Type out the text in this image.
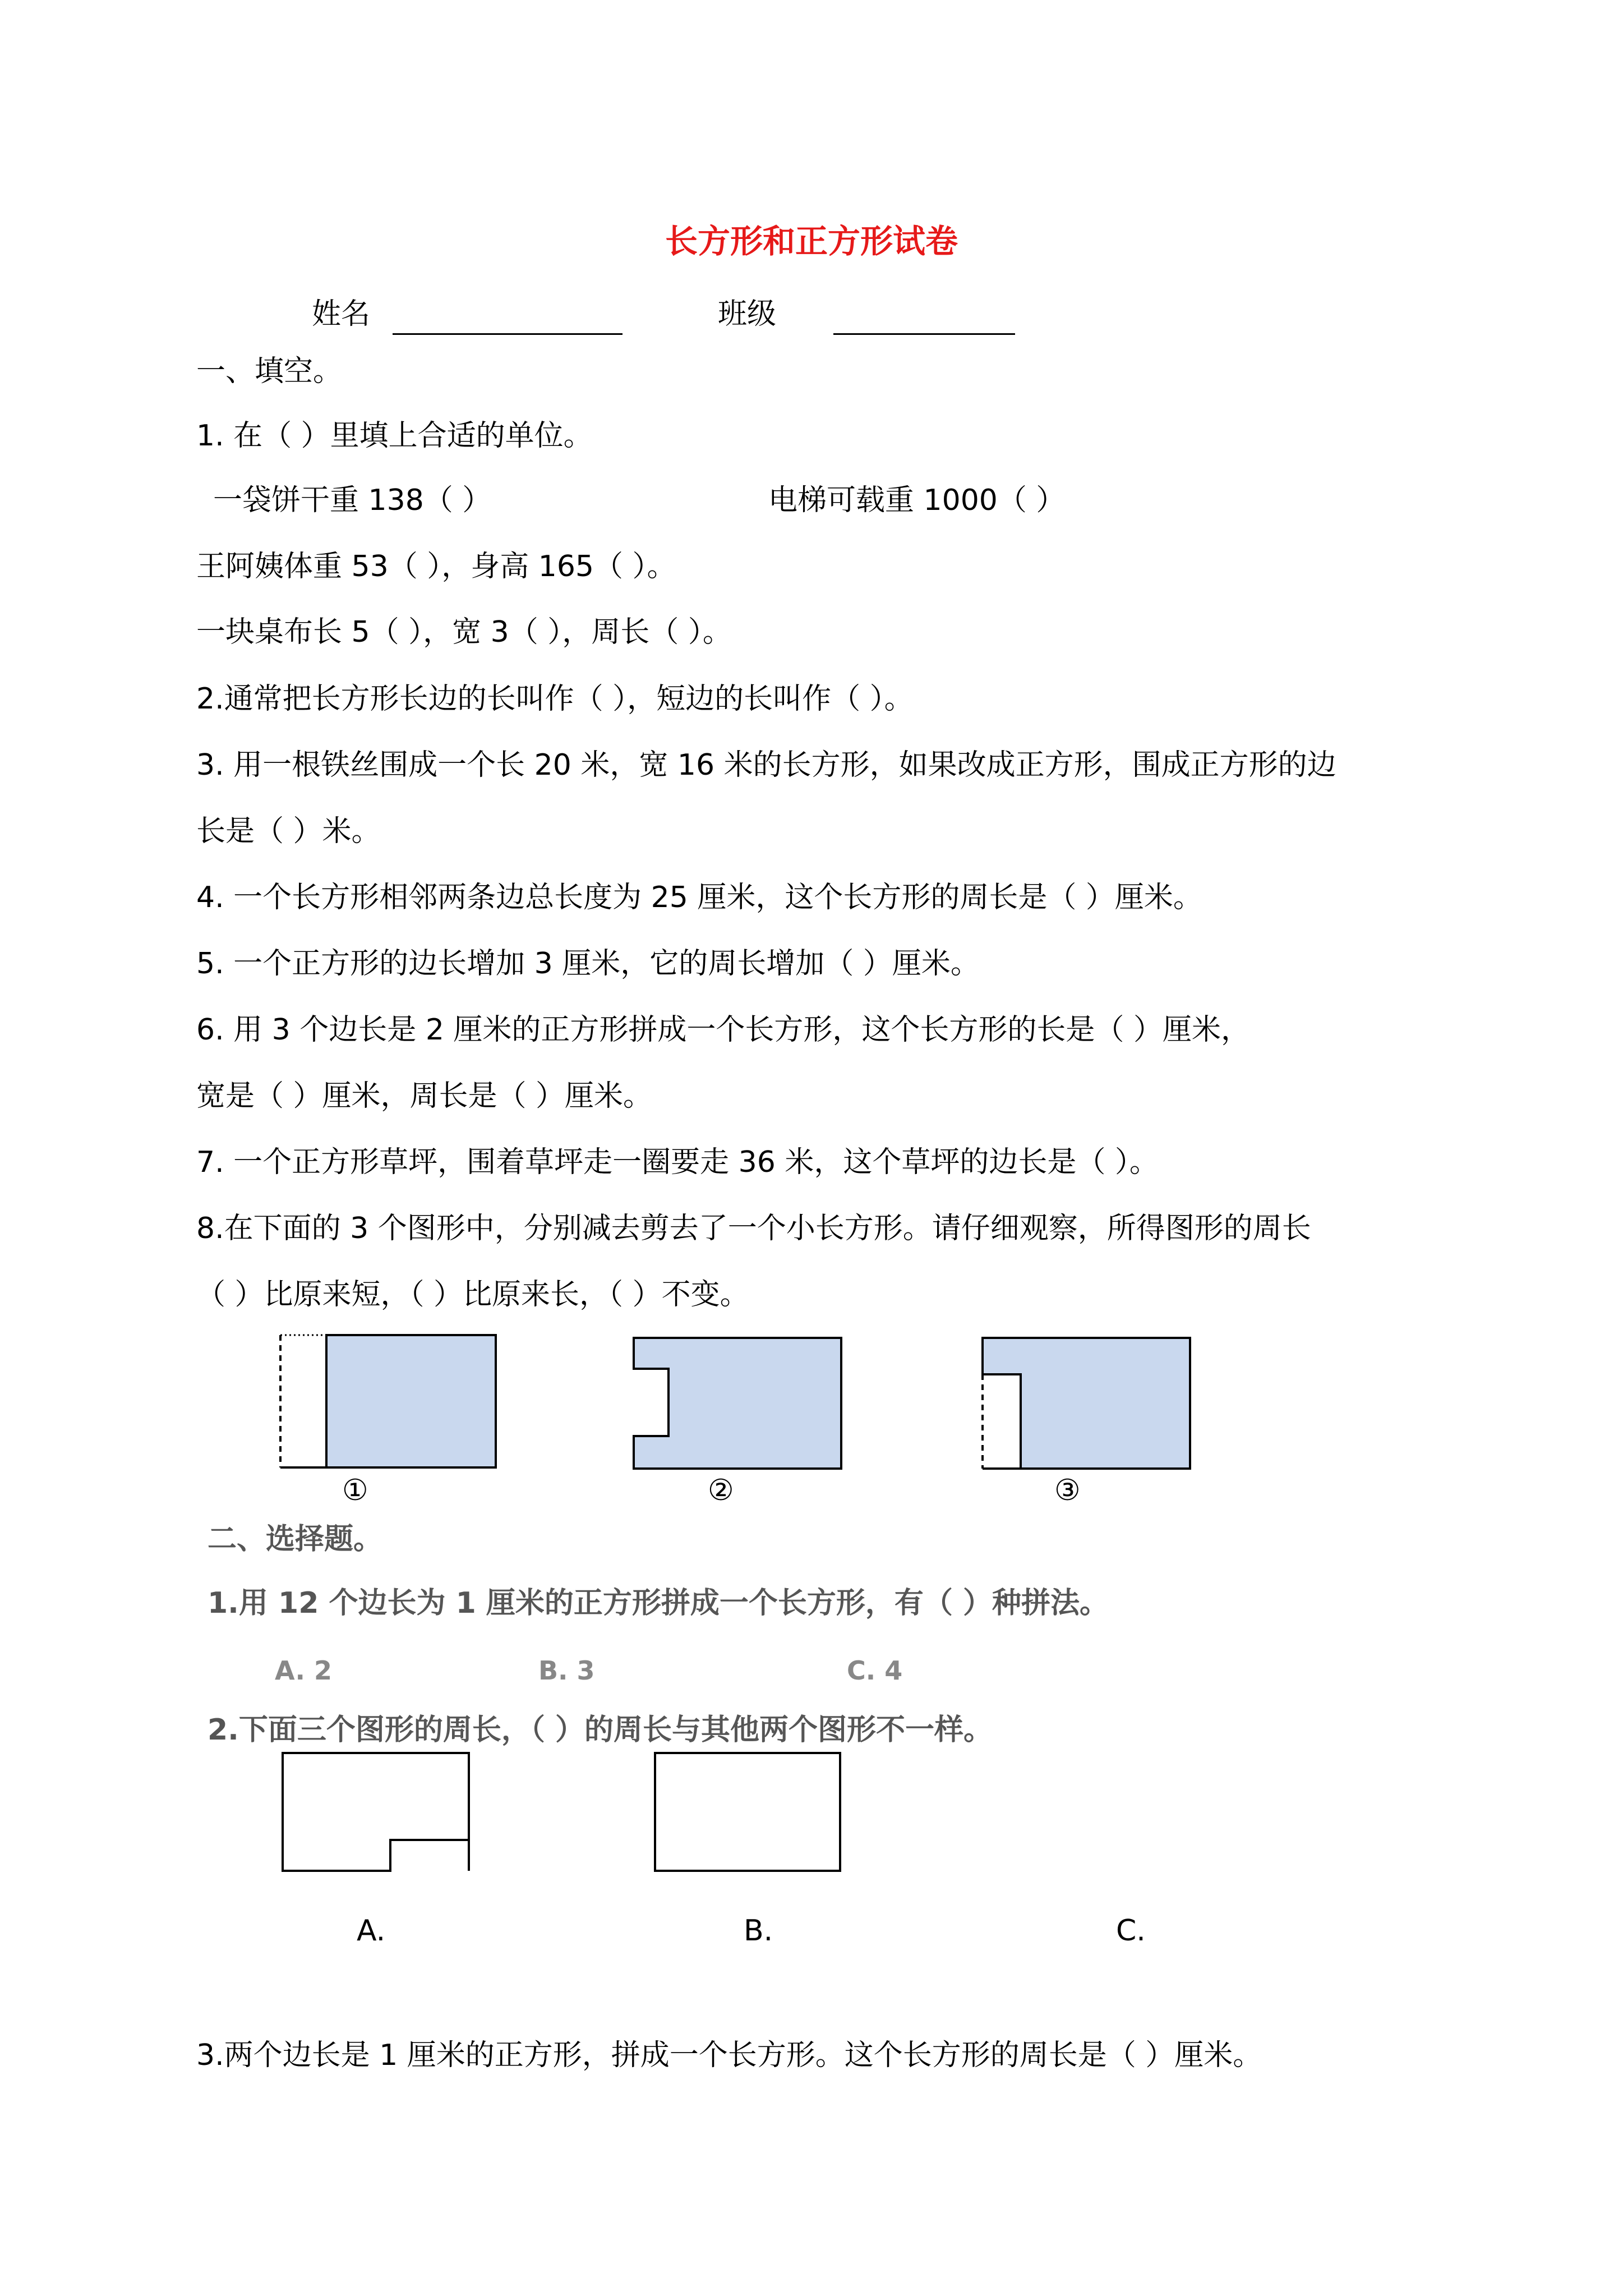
长方形和正方形试卷
姓名	班级
一、填空。
1. 在（ ）里填上合适的单位。
一袋饼干重 138（ ）	电梯可载重 1000（ ）
王阿姨体重 53（ ），身高 165（ ）。
一块桌布长 5（ ），宽 3（ ），周长（ ）。
2.通常把长方形长边的长叫作（ ），短边的长叫作（ ）。
3. 用一根铁丝围成一个长 20 米，宽 16 米的长方形，如果改成正方形，围成正方形的边
长是（ ）米。
4. 一个长方形相邻两条边总长度为 25 厘米，这个长方形的周长是（ ）厘米。
5. 一个正方形的边长增加 3 厘米，它的周长增加（ ）厘米。
6. 用 3 个边长是 2 厘米的正方形拼成一个长方形，这个长方形的长是（ ）厘米，
宽是（ ）厘米，周长是（ ）厘米。
7. 一个正方形草坪，围着草坪走一圈要走 36 米，这个草坪的边长是（ ）。
8.在下面的 3 个图形中，分别减去剪去了一个小长方形。请仔细观察，所得图形的周长
（ ）比原来短，（ ）比原来长，（ ）不变。
①	②	③
二、选择题。
1.用 12 个边长为 1 厘米的正方形拼成一个长方形，有（ ）种拼法。
A. 2	B. 3	C. 4
2.下面三个图形的周长，（ ）的周长与其他两个图形不一样。
A.	B.	C.
3.两个边长是 1 厘米的正方形，拼成一个长方形。这个长方形的周长是（ ）厘米。
